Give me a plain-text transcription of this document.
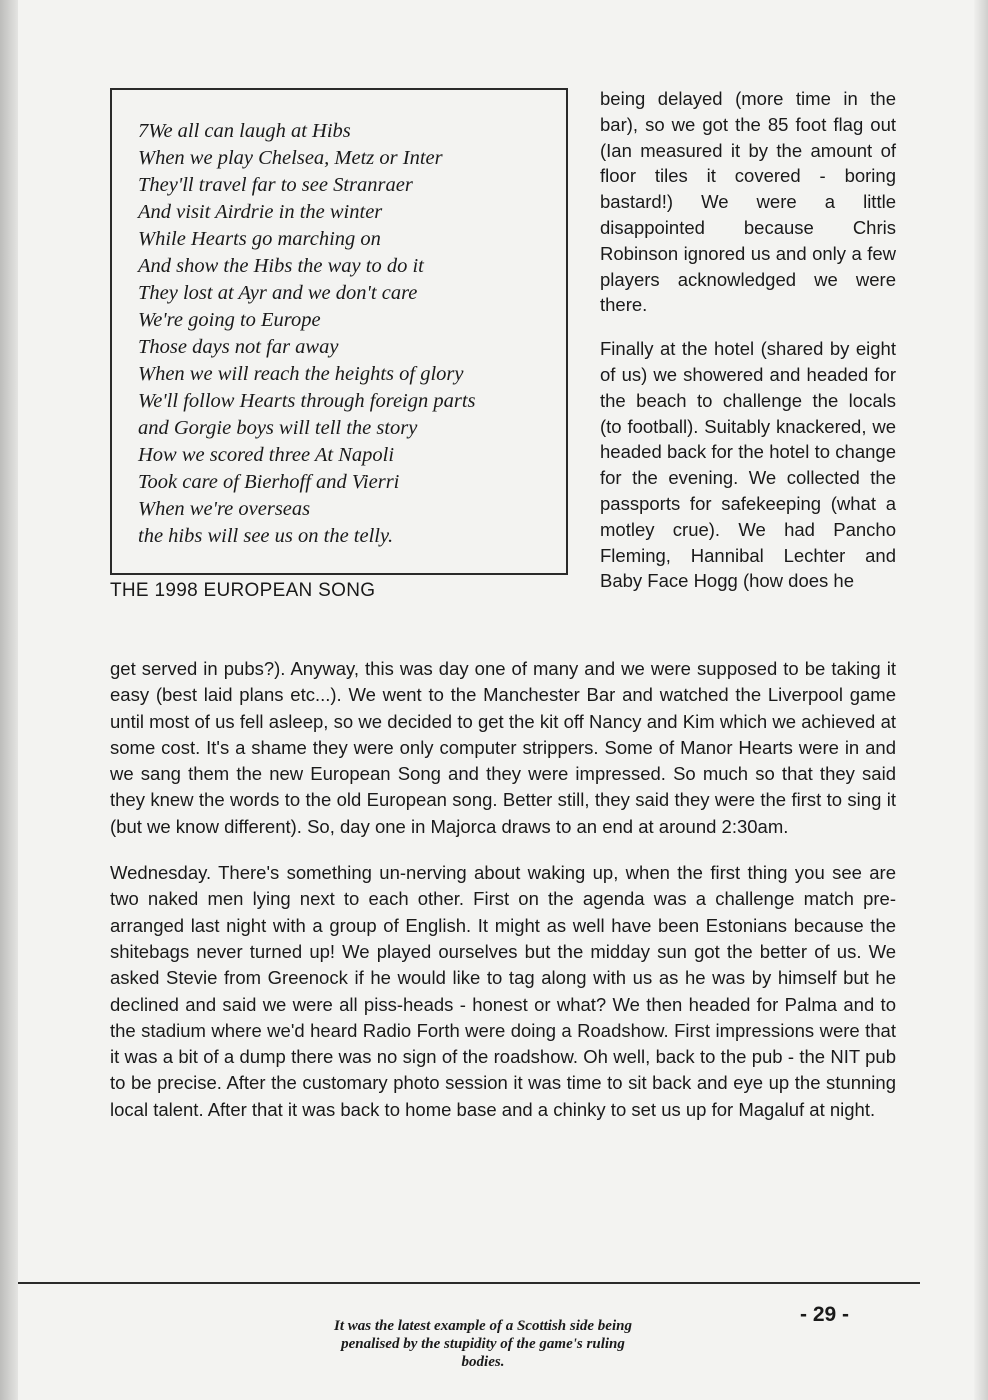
7We all can laugh at Hibs
When we play Chelsea, Metz or Inter
They'll travel far to see Stranraer
And visit Airdrie in the winter
While Hearts go marching on
And show the Hibs the way to do it
They lost at Ayr and we don't care
We're going to Europe
Those days not far away
When we will reach the heights of glory
We'll follow Hearts through foreign parts
and Gorgie boys will tell the story
How we scored three At Napoli
Took care of Bierhoff and Vierri
When we're overseas
the hibs will see us on the telly.
THE 1998 EUROPEAN SONG

being delayed (more time in the bar), so we got the 85 foot flag out (Ian measured it by the amount of floor tiles it covered - boring bastard!) We were a little disappointed because Chris Robinson ignored us and only a few players acknowledged we were there.

Finally at the hotel (shared by eight of us) we showered and headed for the beach to challenge the locals (to football). Suitably knackered, we headed back for the hotel to change for the evening. We collected the passports for safekeeping (what a motley crue). We had Pancho Fleming, Hannibal Lechter and Baby Face Hogg (how does he

get served in pubs?). Anyway, this was day one of many and we were supposed to be taking it easy (best laid plans etc...). We went to the Manchester Bar and watched the Liverpool game until most of us fell asleep, so we decided to get the kit off Nancy and Kim which we achieved at some cost. It's a shame they were only computer strippers. Some of Manor Hearts were in and we sang them the new European Song and they were impressed. So much so that they said they knew the words to the old European song. Better still, they said they were the first to sing it (but we know different). So, day one in Majorca draws to an end at around 2:30am.

Wednesday. There's something un-nerving about waking up, when the first thing you see are two naked men lying next to each other. First on the agenda was a challenge match pre-arranged last night with a group of English. It might as well have been Estonians because the shitebags never turned up! We played ourselves but the midday sun got the better of us. We asked Stevie from Greenock if he would like to tag along with us as he was by himself but he declined and said we were all piss-heads - honest or what? We then headed for Palma and to the stadium where we'd heard Radio Forth were doing a Roadshow. First impressions were that it was a bit of a dump there was no sign of the roadshow. Oh well, back to the pub - the NIT pub to be precise. After the customary photo session it was time to sit back and eye up the stunning local talent. After that it was back to home base and a chinky to set us up for Magaluf at night.

- 29 -
It was the latest example of a Scottish side being penalised by the stupidity of the game's ruling bodies.
